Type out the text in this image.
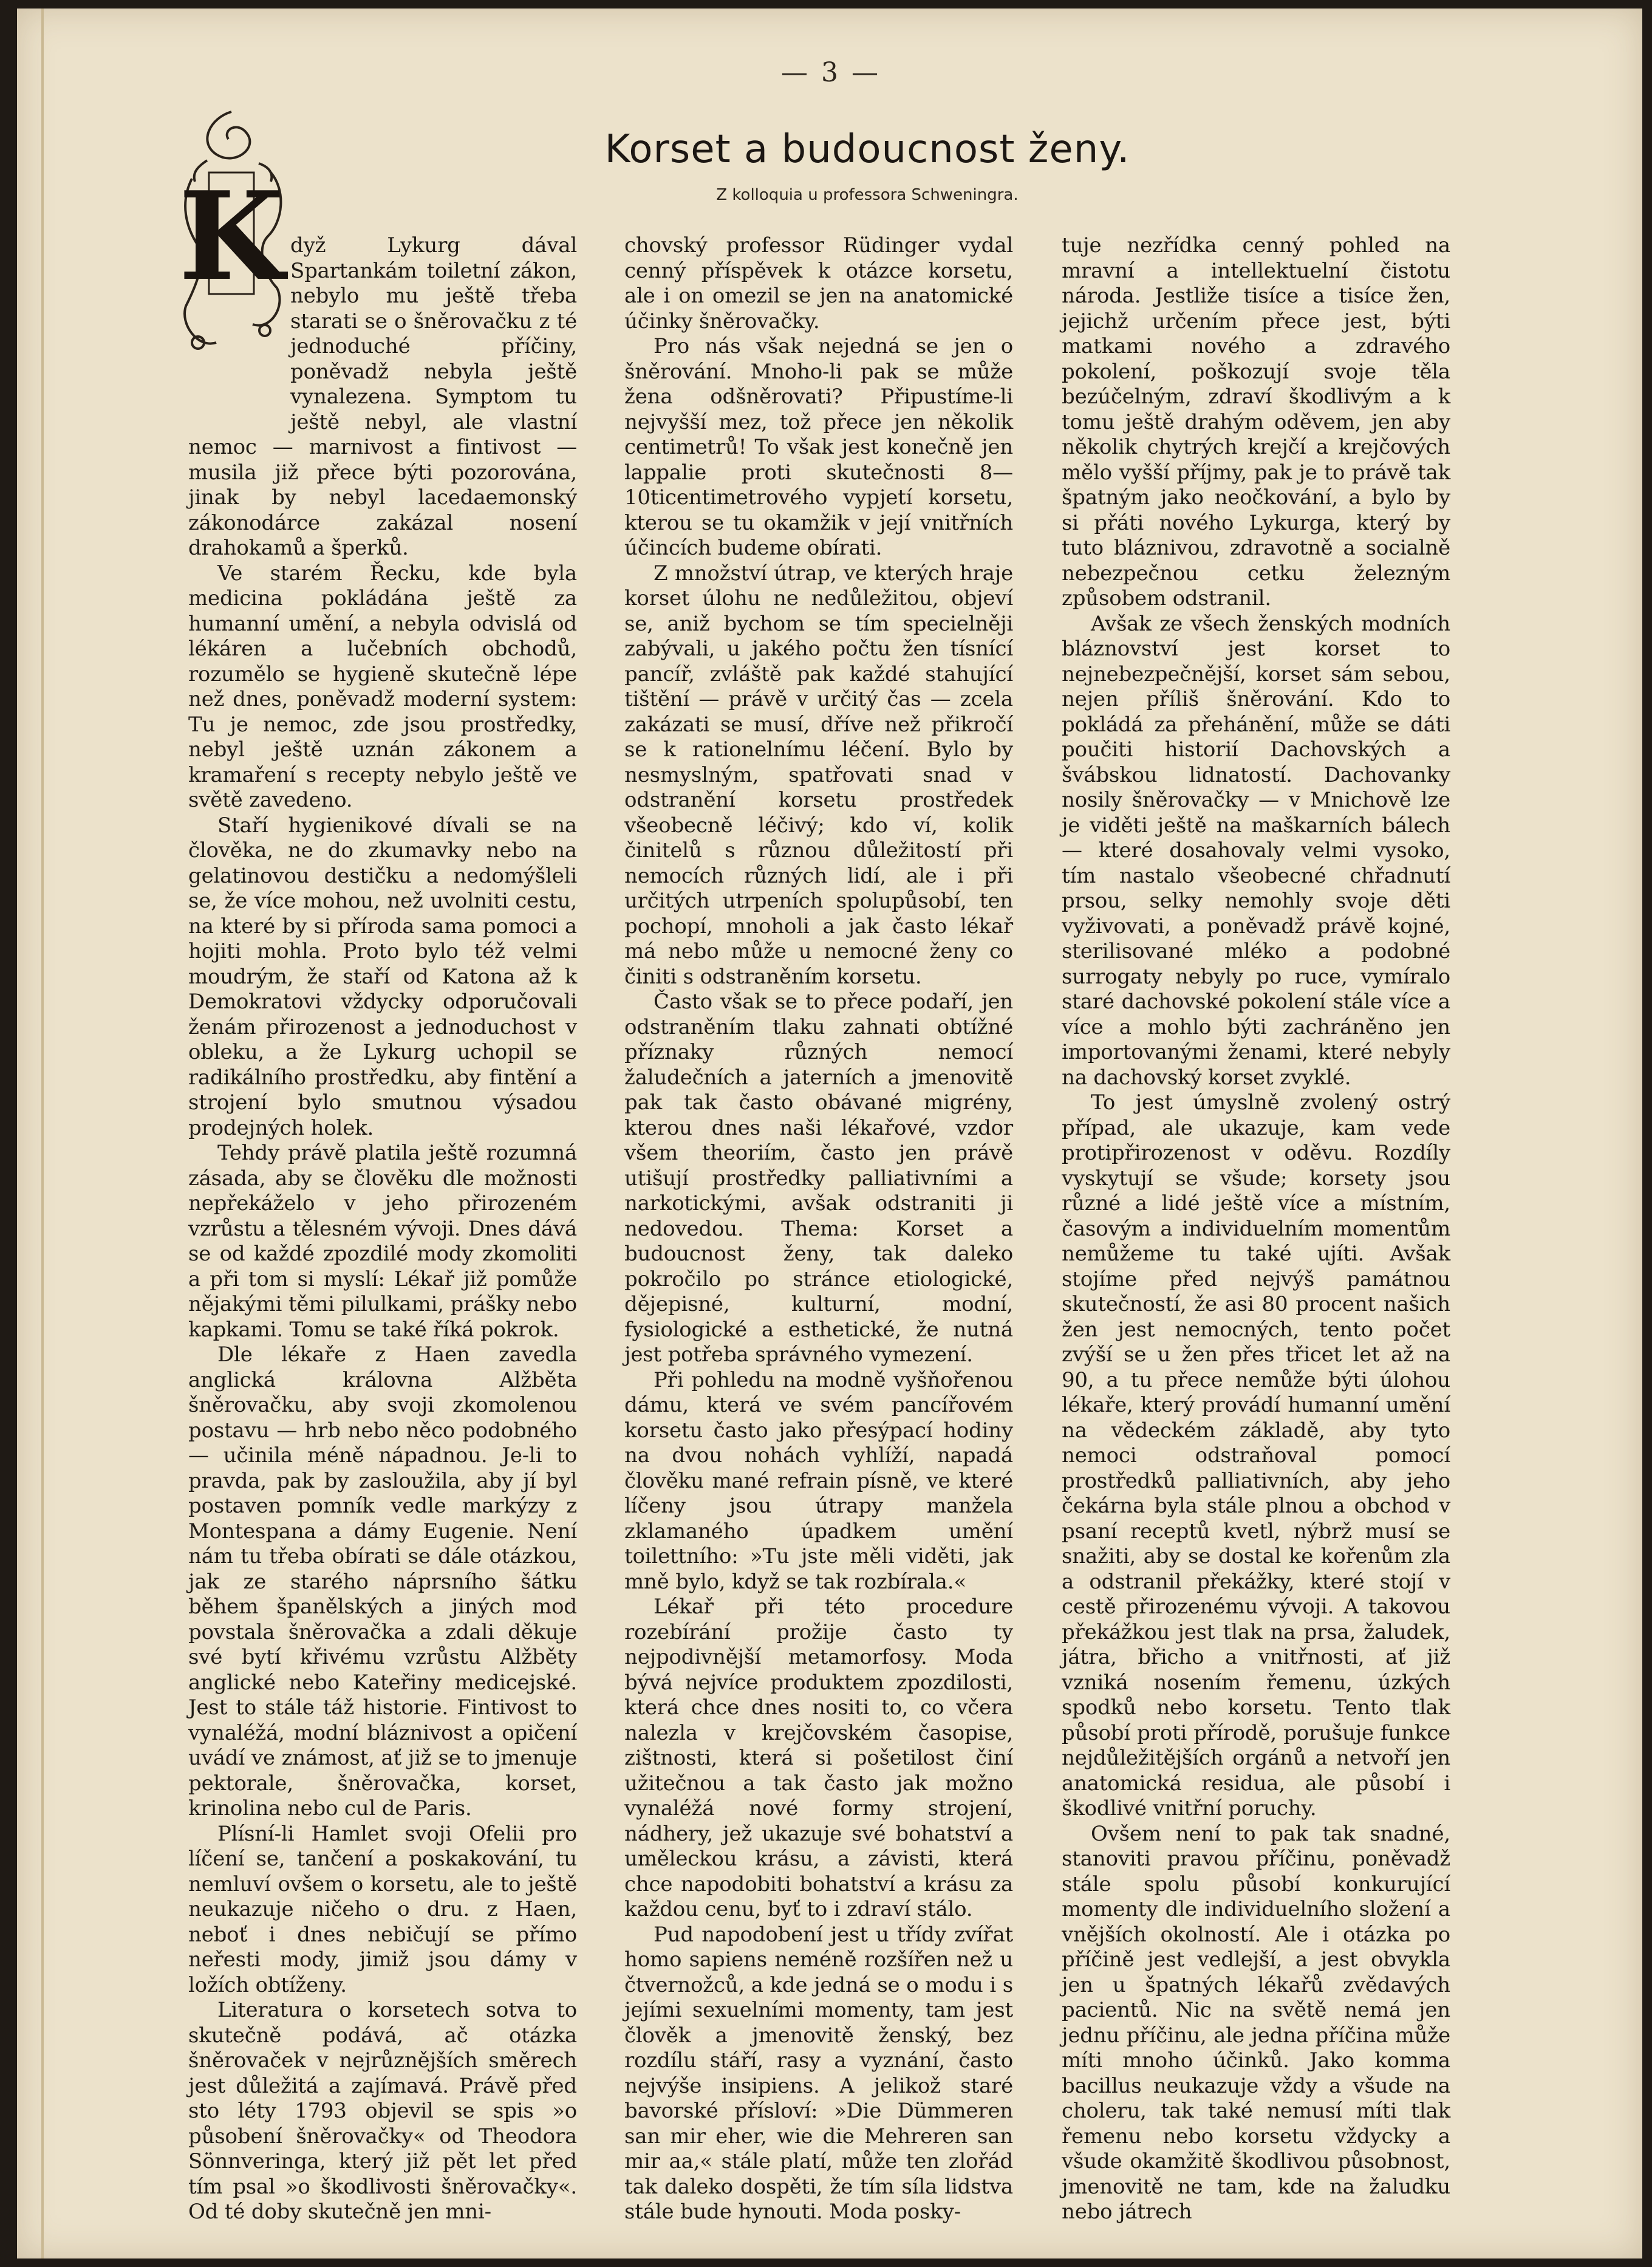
— 3 —
Korset a budoucnost ženy.
Z kolloquia u professora Schweningra.
K dyž Lykurg dával Spartankám toiletní zákon, nebylo mu ještě třeba starati se o šněrovačku z té jednoduché příčiny, poněvadž nebyla ještě vynalezena. Symptom tu ještě nebyl, ale vlastní nemoc — marnivost a fintivost — musila již přece býti pozorována, jinak by nebyl lacedaemonský zákonodárce zakázal nosení drahokamů a šperků.

Ve starém Řecku, kde byla medicina pokládána ještě za humanní umění, a nebyla odvislá od lékáren a lučebních obchodů, rozumělo se hygieně skutečně lépe než dnes, poněvadž moderní system: Tu je nemoc, zde jsou prostředky, nebyl ještě uznán zákonem a kramaření s recepty nebylo ještě ve světě zavedeno.

Staří hygienikové dívali se na člověka, ne do zkumavky nebo na gelatinovou destičku a nedomýšleli se, že více mohou, než uvolniti cestu, na které by si příroda sama pomoci a hojiti mohla. Proto bylo též velmi moudrým, že staří od Katona až k Demokratovi vždycky odporučovali ženám přirozenost a jednoduchost v obleku, a že Lykurg uchopil se radikálního prostředku, aby fintění a strojení bylo smutnou výsadou prodejných holek.

Tehdy právě platila ještě rozumná zásada, aby se člověku dle možnosti nepřekáželo v jeho přirozeném vzrůstu a tělesném vývoji. Dnes dává se od každé zpozdilé mody zkomoliti a při tom si myslí: Lékař již pomůže nějakými těmi pilulkami, prášky nebo kapkami. Tomu se také říká pokrok.

Dle lékaře z Haen zavedla anglická královna Alžběta šněrovačku, aby svoji zkomolenou postavu — hrb nebo něco podobného — učinila méně nápadnou. Je-li to pravda, pak by zasloužila, aby jí byl postaven pomník vedle markýzy z Montespana a dámy Eugenie. Není nám tu třeba obírati se dále otázkou, jak ze starého náprsního šátku během španělských a jiných mod povstala šněrovačka a zdali děkuje své bytí křivému vzrůstu Alžběty anglické nebo Kateřiny medicejské. Jest to stále táž historie. Fintivost to vynaléžá, modní bláznivost a opičení uvádí ve známost, ať již se to jmenuje pektorale, šněrovačka, korset, krinolina nebo cul de Paris.

Plísní-li Hamlet svoji Ofelii pro líčení se, tančení a poskakování, tu nemluví ovšem o korsetu, ale to ještě neukazuje ničeho o dru. z Haen, neboť i dnes nebičují se přímo neřesti mody, jimiž jsou dámy v ložích obtíženy.

Literatura o korsetech sotva to skutečně podává, ač otázka šněrovaček v nejrůznějších směrech jest důležitá a zajímavá. Právě před sto léty 1793 objevil se spis »o působení šněrovačky« od Theodora Sönnveringa, který již pět let před tím psal »o škodlivosti šněrovačky«. Od té doby skutečně jen mni-

chovský professor Rüdinger vydal cenný příspěvek k otázce korsetu, ale i on omezil se jen na anatomické účinky šněrovačky.

Pro nás však nejedná se jen o šněrování. Mnoho-li pak se může žena odšněrovati? Připustíme-li nejvyšší mez, tož přece jen několik centimetrů! To však jest konečně jen lappalie proti skutečnosti 8—10ticentimetrového vypjetí korsetu, kterou se tu okamžik v její vnitřních účincích budeme obírati.

Z množství útrap, ve kterých hraje korset úlohu ne nedůležitou, objeví se, aniž bychom se tím specielněji zabývali, u jakého počtu žen tísnící pancíř, zvláště pak každé stahující tištění — právě v určitý čas — zcela zakázati se musí, dříve než přikročí se k rationelnímu léčení. Bylo by nesmyslným, spatřovati snad v odstranění korsetu prostředek všeobecně léčivý; kdo ví, kolik činitelů s různou důležitostí při nemocích různých lidí, ale i při určitých utrpeních spolupůsobí, ten pochopí, mnoholi a jak často lékař má nebo může u nemocné ženy co činiti s odstraněním korsetu.

Často však se to přece podaří, jen odstraněním tlaku zahnati obtížné příznaky různých nemocí žaludečních a jaterních a jmenovitě pak tak často obávané migrény, kterou dnes naši lékařové, vzdor všem theoriím, často jen právě utišují prostředky palliativními a narkotickými, avšak odstraniti ji nedovedou. Thema: Korset a budoucnost ženy, tak daleko pokročilo po stránce etiologické, dějepisné, kulturní, modní, fysiologické a esthetické, že nutná jest potřeba správného vymezení.

Při pohledu na modně vyšňořenou dámu, která ve svém pancířovém korsetu často jako přesýpací hodiny na dvou nohách vyhlíží, napadá člověku mané refrain písně, ve které líčeny jsou útrapy manžela zklamaného úpadkem umění toilettního: »Tu jste měli viděti, jak mně bylo, když se tak rozbírala.«

Lékař při této procedure rozebírání prožije často ty nejpodivnější metamorfosy. Moda bývá nejvíce produktem zpozdilosti, která chce dnes nositi to, co včera nalezla v krejčovském časopise, zištnosti, která si pošetilost činí užitečnou a tak často jak možno vynaléžá nové formy strojení, nádhery, jež ukazuje své bohatství a uměleckou krásu, a závisti, která chce napodobiti bohatství a krásu za každou cenu, byť to i zdraví stálo.

Pud napodobení jest u třídy zvířat homo sapiens neméně rozšířen než u čtvernožců, a kde jedná se o modu i s jejími sexuelními momenty, tam jest člověk a jmenovitě ženský, bez rozdílu stáří, rasy a vyznání, často nejvýše insipiens. A jelikož staré bavorské přísloví: »Die Dümmeren san mir eher, wie die Mehreren san mir aa,« stále platí, může ten zlořád tak daleko dospěti, že tím síla lidstva stále bude hynouti. Moda posky-

tuje nezřídka cenný pohled na mravní a intellektuelní čistotu národa. Jestliže tisíce a tisíce žen, jejichž určením přece jest, býti matkami nového a zdravého pokolení, poškozují svoje těla bezúčelným, zdraví škodlivým a k tomu ještě drahým oděvem, jen aby několik chytrých krejčí a krejčových mělo vyšší příjmy, pak je to právě tak špatným jako neočkování, a bylo by si přáti nového Lykurga, který by tuto bláznivou, zdravotně a socialně nebezpečnou cetku železným způsobem odstranil.

Avšak ze všech ženských modních bláznovství jest korset to nejnebezpečnější, korset sám sebou, nejen příliš šněrování. Kdo to pokládá za přehánění, může se dáti poučiti historií Dachovských a švábskou lidnatostí. Dachovanky nosily šněrovačky — v Mnichově lze je viděti ještě na maškarních bálech — které dosahovaly velmi vysoko, tím nastalo všeobecné chřadnutí prsou, selky nemohly svoje děti vyživovati, a poněvadž právě kojné, sterilisované mléko a podobné surrogaty nebyly po ruce, vymíralo staré dachovské pokolení stále více a více a mohlo býti zachráněno jen importovanými ženami, které nebyly na dachovský korset zvyklé.

To jest úmyslně zvolený ostrý případ, ale ukazuje, kam vede protipřirozenost v oděvu. Rozdíly vyskytují se všude; korsety jsou různé a lidé ještě více a místním, časovým a individuelním momentům nemůžeme tu také ujíti. Avšak stojíme před nejvýš památnou skutečností, že asi 80 procent našich žen jest nemocných, tento počet zvýší se u žen přes třicet let až na 90, a tu přece nemůže býti úlohou lékaře, který provádí humanní umění na vědeckém základě, aby tyto nemoci odstraňoval pomocí prostředků palliativních, aby jeho čekárna byla stále plnou a obchod v psaní receptů kvetl, nýbrž musí se snažiti, aby se dostal ke kořenům zla a odstranil překážky, které stojí v cestě přirozenému vývoji. A takovou překážkou jest tlak na prsa, žaludek, játra, břicho a vnitřnosti, ať již vzniká nosením řemenu, úzkých spodků nebo korsetu. Tento tlak působí proti přírodě, porušuje funkce nejdůležitějších orgánů a netvoří jen anatomická residua, ale působí i škodlivé vnitřní poruchy.

Ovšem není to pak tak snadné, stanoviti pravou příčinu, poněvadž stále spolu působí konkurující momenty dle individuelního složení a vnějších okolností. Ale i otázka po příčině jest vedlejší, a jest obvykla jen u špatných lékařů zvědavých pacientů. Nic na světě nemá jen jednu příčinu, ale jedna příčina může míti mnoho účinků. Jako komma bacillus neukazuje vždy a všude na choleru, tak také nemusí míti tlak řemenu nebo korsetu vždycky a všude okamžitě škodlivou působnost, jmenovitě ne tam, kde na žaludku nebo játrech
